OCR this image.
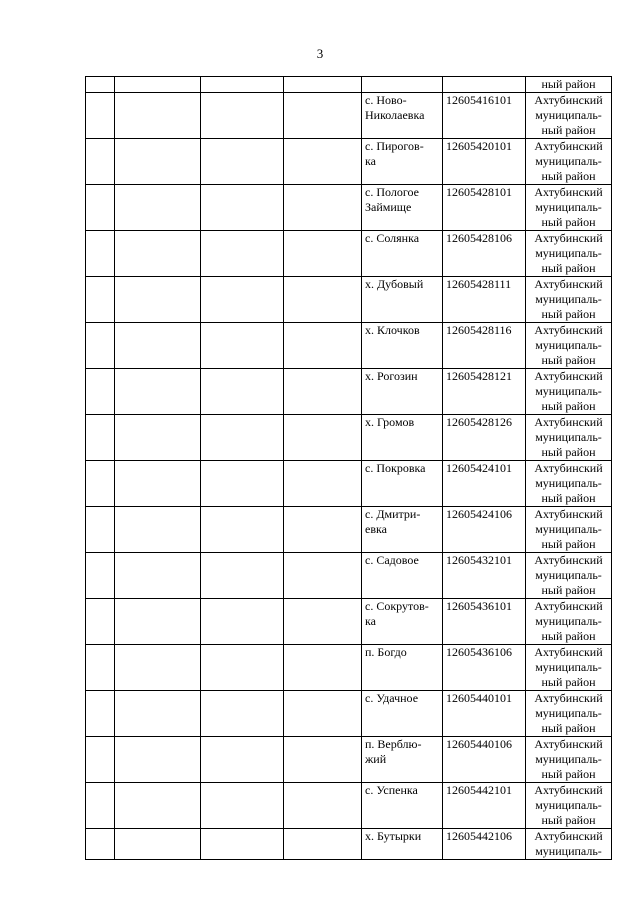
3
						ный район
				с. Ново-
Николаевка	12605416101	Ахтубинский
муниципаль-
ный район
				с. Пирогов-
ка	12605420101	Ахтубинский
муниципаль-
ный район
				с. Пологое
Займище	12605428101	Ахтубинский
муниципаль-
ный район
				с. Солянка	12605428106	Ахтубинский
муниципаль-
ный район
				х. Дубовый	12605428111	Ахтубинский
муниципаль-
ный район
				х. Клочков	12605428116	Ахтубинский
муниципаль-
ный район
				х. Рогозин	12605428121	Ахтубинский
муниципаль-
ный район
				х. Громов	12605428126	Ахтубинский
муниципаль-
ный район
				с. Покровка	12605424101	Ахтубинский
муниципаль-
ный район
				с. Дмитри-
евка	12605424106	Ахтубинский
муниципаль-
ный район
				с. Садовое	12605432101	Ахтубинский
муниципаль-
ный район
				с. Сокрутов-
ка	12605436101	Ахтубинский
муниципаль-
ный район
				п. Богдо	12605436106	Ахтубинский
муниципаль-
ный район
				с. Удачное	12605440101	Ахтубинский
муниципаль-
ный район
				п. Верблю-
жий	12605440106	Ахтубинский
муниципаль-
ный район
				с. Успенка	12605442101	Ахтубинский
муниципаль-
ный район
				х. Бутырки	12605442106	Ахтубинский
муниципаль-
